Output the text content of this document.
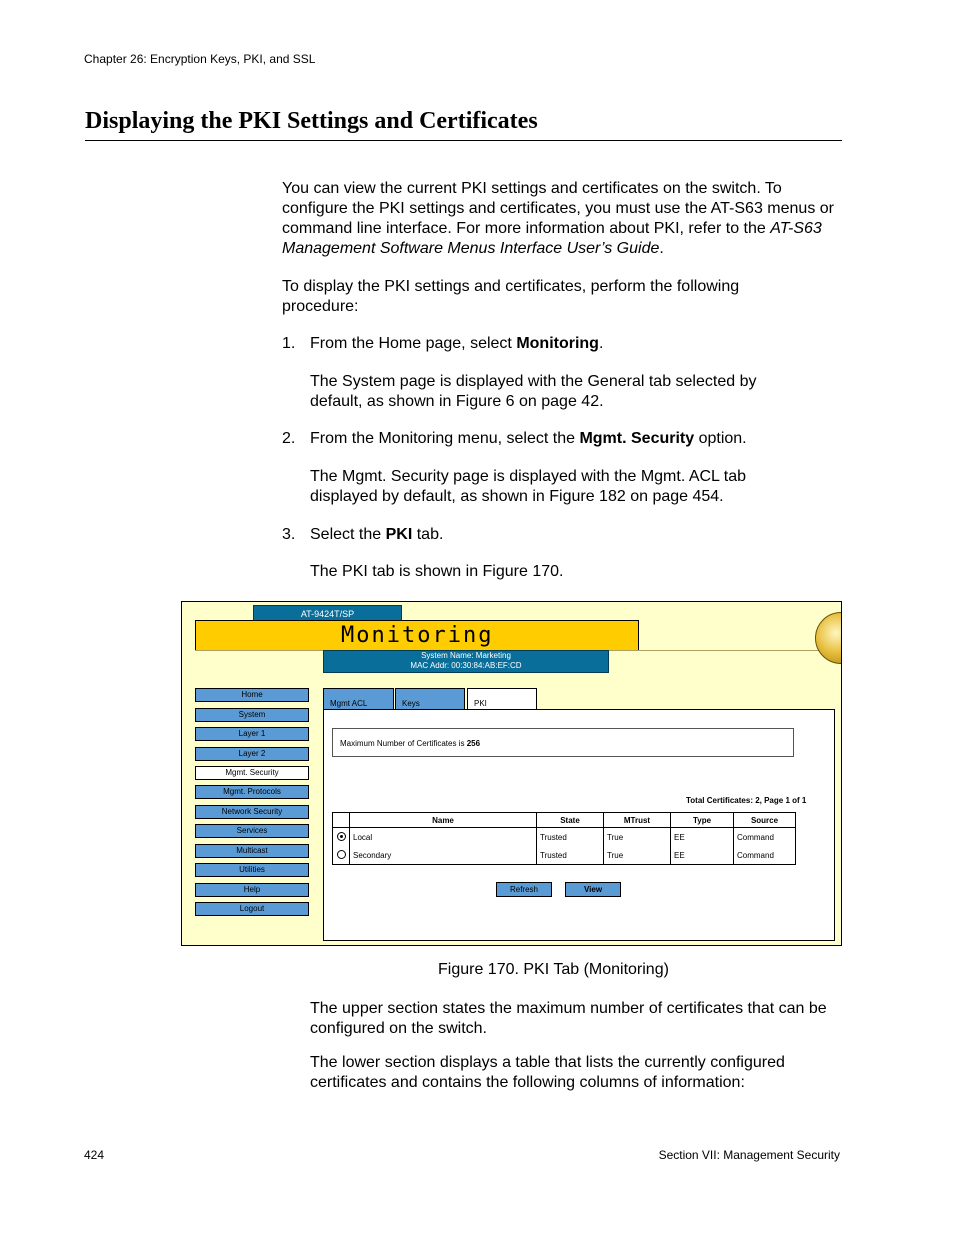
Chapter 26: Encryption Keys, PKI, and SSL
Displaying the PKI Settings and Certificates
You can view the current PKI settings and certificates on the switch. To configure the PKI settings and certificates, you must use the AT-S63 menus or command line interface. For more information about PKI, refer to the AT-S63 Management Software Menus Interface User’s Guide.
To display the PKI settings and certificates, perform the following procedure:
1. From the Home page, select Monitoring.
The System page is displayed with the General tab selected by default, as shown in Figure 6 on page 42.
2. From the Monitoring menu, select the Mgmt. Security option.
The Mgmt. Security page is displayed with the Mgmt. ACL tab displayed by default, as shown in Figure 182 on page 454.
3. Select the PKI tab.
The PKI tab is shown in Figure 170.
AT-9424T/SP
Monitoring
System Name: Marketing
MAC Addr: 00:30:84:AB:EF:CD
Home
System
Layer 1
Layer 2
Mgmt. Security
Mgmt. Protocols
Network Security
Services
Multicast
Utilities
Help
Logout
Mgmt ACL	Keys	PKI
Maximum Number of Certificates is 256
Total Certificates: 2, Page 1 of 1
	Name	State	MTrust	Type	Source
	Local	Trusted	True	EE	Command
	Secondary	Trusted	True	EE	Command
Refresh	View
Figure 170. PKI Tab (Monitoring)
The upper section states the maximum number of certificates that can be configured on the switch.
The lower section displays a table that lists the currently configured certificates and contains the following columns of information:
424	Section VII: Management Security
